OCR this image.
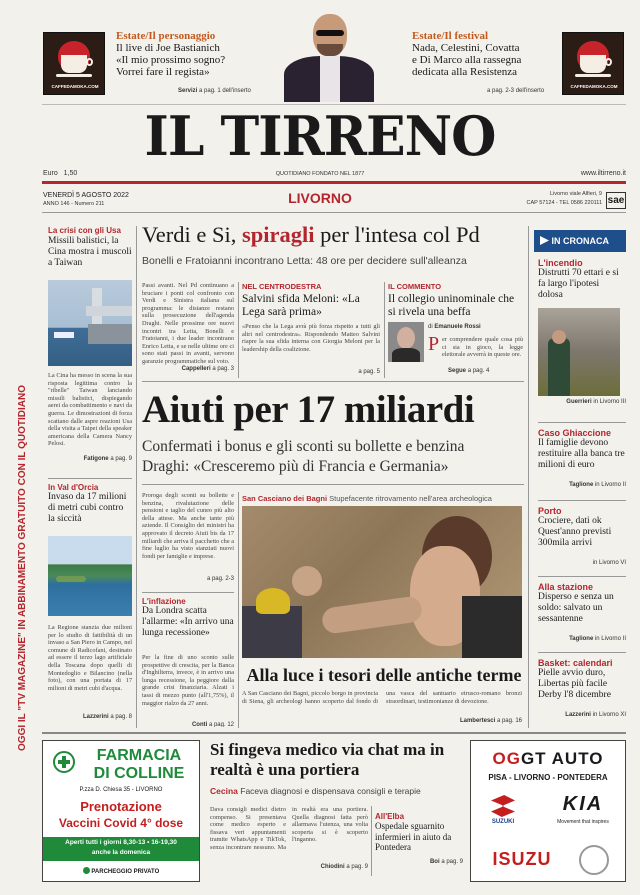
CAFFEDAMOKA.COM	CAFFEDAMOKA.COM
Estate/Il personaggio
Il live di Joe Bastianich
«Il mio prossimo sogno?
Vorrei fare il regista»
Servizi a pag. 1 dell'inserto
Estate/Il festival
Nada, Celestini, Covatta
e Di Marco alla rassegna
dedicata alla Resistenza
a pag. 2-3 dell'inserto
IL TIRRENO
Euro 1,50	QUOTIDIANO FONDATO NEL 1877	www.iltirreno.it
VENERDÌ 5 AGOSTO 2022
ANNO 146 - Numero 211	LIVORNO	Livorno viale Alfieri, 9
CAP 57124 - TEL 0586 220111 sae
La crisi con gli Usa
Missili balistici, la Cina mostra i muscoli a Taiwan
La Cina ha messo in scena la sua risposta legittima contro la "ribelle" Taiwan lanciando missili balistici, dispiegando aerei da combattimento e navi da guerra. Le dimostrazioni di forza scattano dalle aspre reazioni Usa della visita a Taipei della speaker americana della Camera Nancy Pelosi.
Fatigone a pag. 9
In Val d'Orcia
Invaso da 17 milioni di metri cubi contro la siccità
La Regione stanzia due milioni per lo studio di fattibilità di un invaso a San Piero in Campo, nel comune di Radicofani, destinato ad essere il terzo lago artificiale della Toscana dopo quelli di Montedoglio e Bilancino (nella foto), con una portata di 17 milioni di metri cubi d'acqua.
Lazzerini a pag. 8
OGGI IL "TV MAGAZINE" IN ABBINAMENTO GRATUITO CON IL QUOTIDIANO
Verdi e Si, spiragli per l'intesa col Pd
Bonelli e Fratoianni incontrano Letta: 48 ore per decidere sull'alleanza
Passi avanti. Nel Pd continuano a bruciare i ponti col confronto con Verdi e Sinistra italiana sul programma: le distanze restano sulla prosecuzione dell'agenda Draghi. Nelle prossime ore nuovi incontri tra Letta, Bonelli e Fratoianni, i due leader incontrano Enrico Letta, e se nelle ultime ore ci sono stati passi in avanti, servono garanzie programmatiche sul voto.
Cappelleri a pag. 3
NEL CENTRODESTRA
Salvini sfida Meloni: «La Lega sarà prima»
«Penso che la Lega avrà più forza rispetto a tutti gli altri nel centrodestra». Rispondendo Matteo Salvini riapre la sua sfida interna con Giorgia Meloni per la leadership della coalizione.
a pag. 5
IL COMMENTO
Il collegio uninominale che si rivela una beffa
di Emanuele Rossi
P er comprendere quale cosa più ci sia in gioco, la legge elettorale avverrà in queste ore.
Segue a pag. 4
Aiuti per 17 miliardi
Confermati i bonus e gli sconti su bollette e benzina
Draghi: «Cresceremo più di Francia e Germania»
Proroga degli sconti su bollette e benzina, rivalutazione delle pensioni e taglio del cuneo più alto della attese. Ma anche tante più aziende. Il Consiglio dei ministri ha approvato il decreto Aiuti bis da 17 miliardi che arriva il pacchetto che a fine luglio ha visto stanziati nuovi fondi per famiglie e imprese.
a pag. 2-3
L'inflazione
Da Londra scatta l'allarme: «In arrivo una lunga recessione»
Per la fine di uno sconto sulle prospettive di crescita, per la Banca d'Inghilterra, invece, è in arrivo una lunga recessione, la peggiore dalla grande crisi finanziaria. Alzati i tassi di mezzo punto (all'1,75%), il maggior rialzo da 27 anni.
Conti a pag. 12
San Casciano dei Bagni Stupefacente ritrovamento nell'area archeologica
Alla luce i tesori delle antiche terme
A San Casciano dei Bagni, piccolo borgo in provincia di Siena, gli archeologi hanno scoperto dal fondo di una vasca del santuario etrusco-romano bronzi straordinari, testimonianze di devozione.
Lambertesci a pag. 16
IN CRONACA
L'incendio
Distrutti 70 ettari e si fa largo l'ipotesi dolosa
Guerrieri in Livorno III
Caso Ghiaccione
Il famiglie devono restituire alla banca tre milioni di euro
Taglione in Livorno II
Porto
Crociere, dati ok Quest'anno previsti 300mila arrivi
in Livorno VI
Alla stazione
Disperso e senza un soldo: salvato un sessantenne
Taglione in Livorno II
Basket: calendari
Pielle avvio duro, Libertas più facile Derby l'8 dicembre
Lazzerini in Livorno XI
FARMACIA
DI COLLINE
P.zza D. Chiesa 35 - LIVORNO
Prenotazione
Vaccini Covid 4° dose
Aperti tutti i giorni 8,30-13 • 16-19,30
anche la domenica
PARCHEGGIO PRIVATO
Si fingeva medico via chat ma in realtà è una portiera
Cecina Faceva diagnosi e dispensava consigli e terapie
Dava consigli medici dietro compenso. Si presentava come medico esperto e fissava veri appuntamenti tramite WhatsApp e TikTok, senza incontrare nessuno. Ma in realtà era una portiera. Quella diagnosi fatta però allarmava l'utenza, una volta scoperta si è scoperto l'inganno.
Chiodini a pag. 9
All'Elba
Ospedale sguarnito infermieri in aiuto da Pontedera
Boi a pag. 9
OGGT AUTO
PISA - LIVORNO - PONTEDERA
SUZUKI
KIA
Movement that inspires
ISUZU
